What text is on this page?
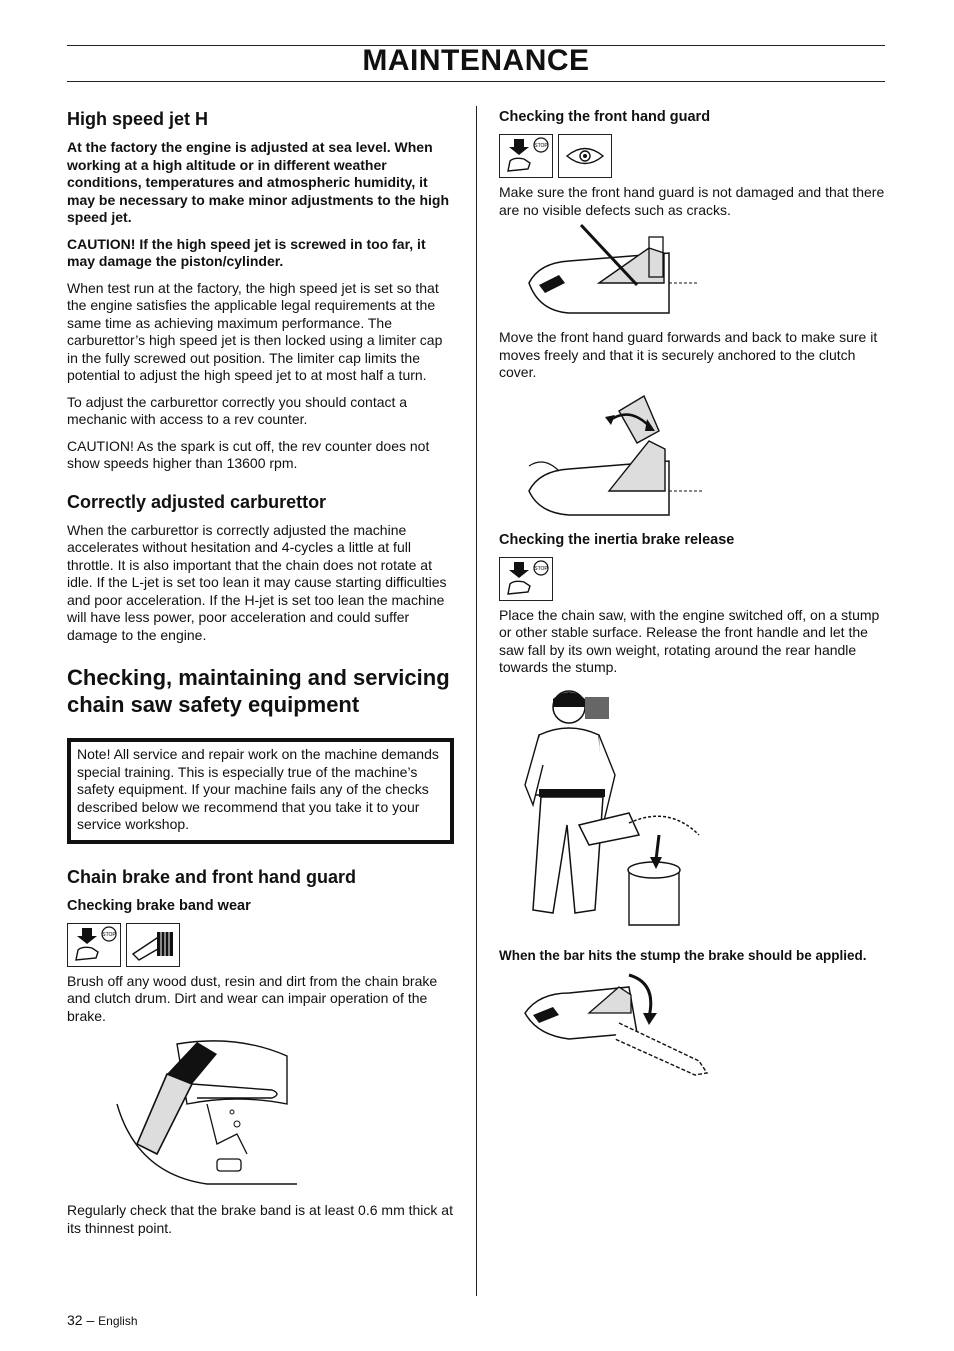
MAINTENANCE
High speed jet H

At the factory the engine is adjusted at sea level. When working at a high altitude or in different weather conditions, temperatures and atmospheric humidity, it may be necessary to make minor adjustments to the high speed jet.

CAUTION! If the high speed jet is screwed in too far, it may damage the piston/cylinder.

When test run at the factory, the high speed jet is set so that the engine satisfies the applicable legal requirements at the same time as achieving maximum performance. The carburettor’s high speed jet is then locked using a limiter cap in the fully screwed out position. The limiter cap limits the potential to adjust the high speed jet to at most half a turn.

To adjust the carburettor correctly you should contact a mechanic with access to a rev counter.

CAUTION! As the spark is cut off, the rev counter does not show speeds higher than 13600 rpm.

Correctly adjusted carburettor

When the carburettor is correctly adjusted the machine accelerates without hesitation and 4-cycles a little at full throttle. It is also important that the chain does not rotate at idle. If the L-jet is set too lean it may cause starting difficulties and poor acceleration. If the H-jet is set too lean the machine will have less power, poor acceleration and could suffer damage to the engine.

Checking, maintaining and servicing chain saw safety equipment
Note! All service and repair work on the machine demands special training. This is especially true of the machine’s safety equipment. If your machine fails any of the checks described below we recommend that you take it to your service workshop.
Chain brake and front hand guard
Checking brake band wear
STOP

Brush off any wood dust, resin and dirt from the chain brake and clutch drum. Dirt and wear can impair operation of the brake.

Regularly check that the brake band is at least 0.6 mm thick at its thinnest point.

Checking the front hand guard
STOP

Make sure the front hand guard is not damaged and that there are no visible defects such as cracks.

Move the front hand guard forwards and back to make sure it moves freely and that it is securely anchored to the clutch cover.

Checking the inertia brake release
STOP

Place the chain saw, with the engine switched off, on a stump or other stable surface. Release the front handle and let the saw fall by its own weight, rotating around the rear handle towards the stump.

When the bar hits the stump the brake should be applied.

32 – English
